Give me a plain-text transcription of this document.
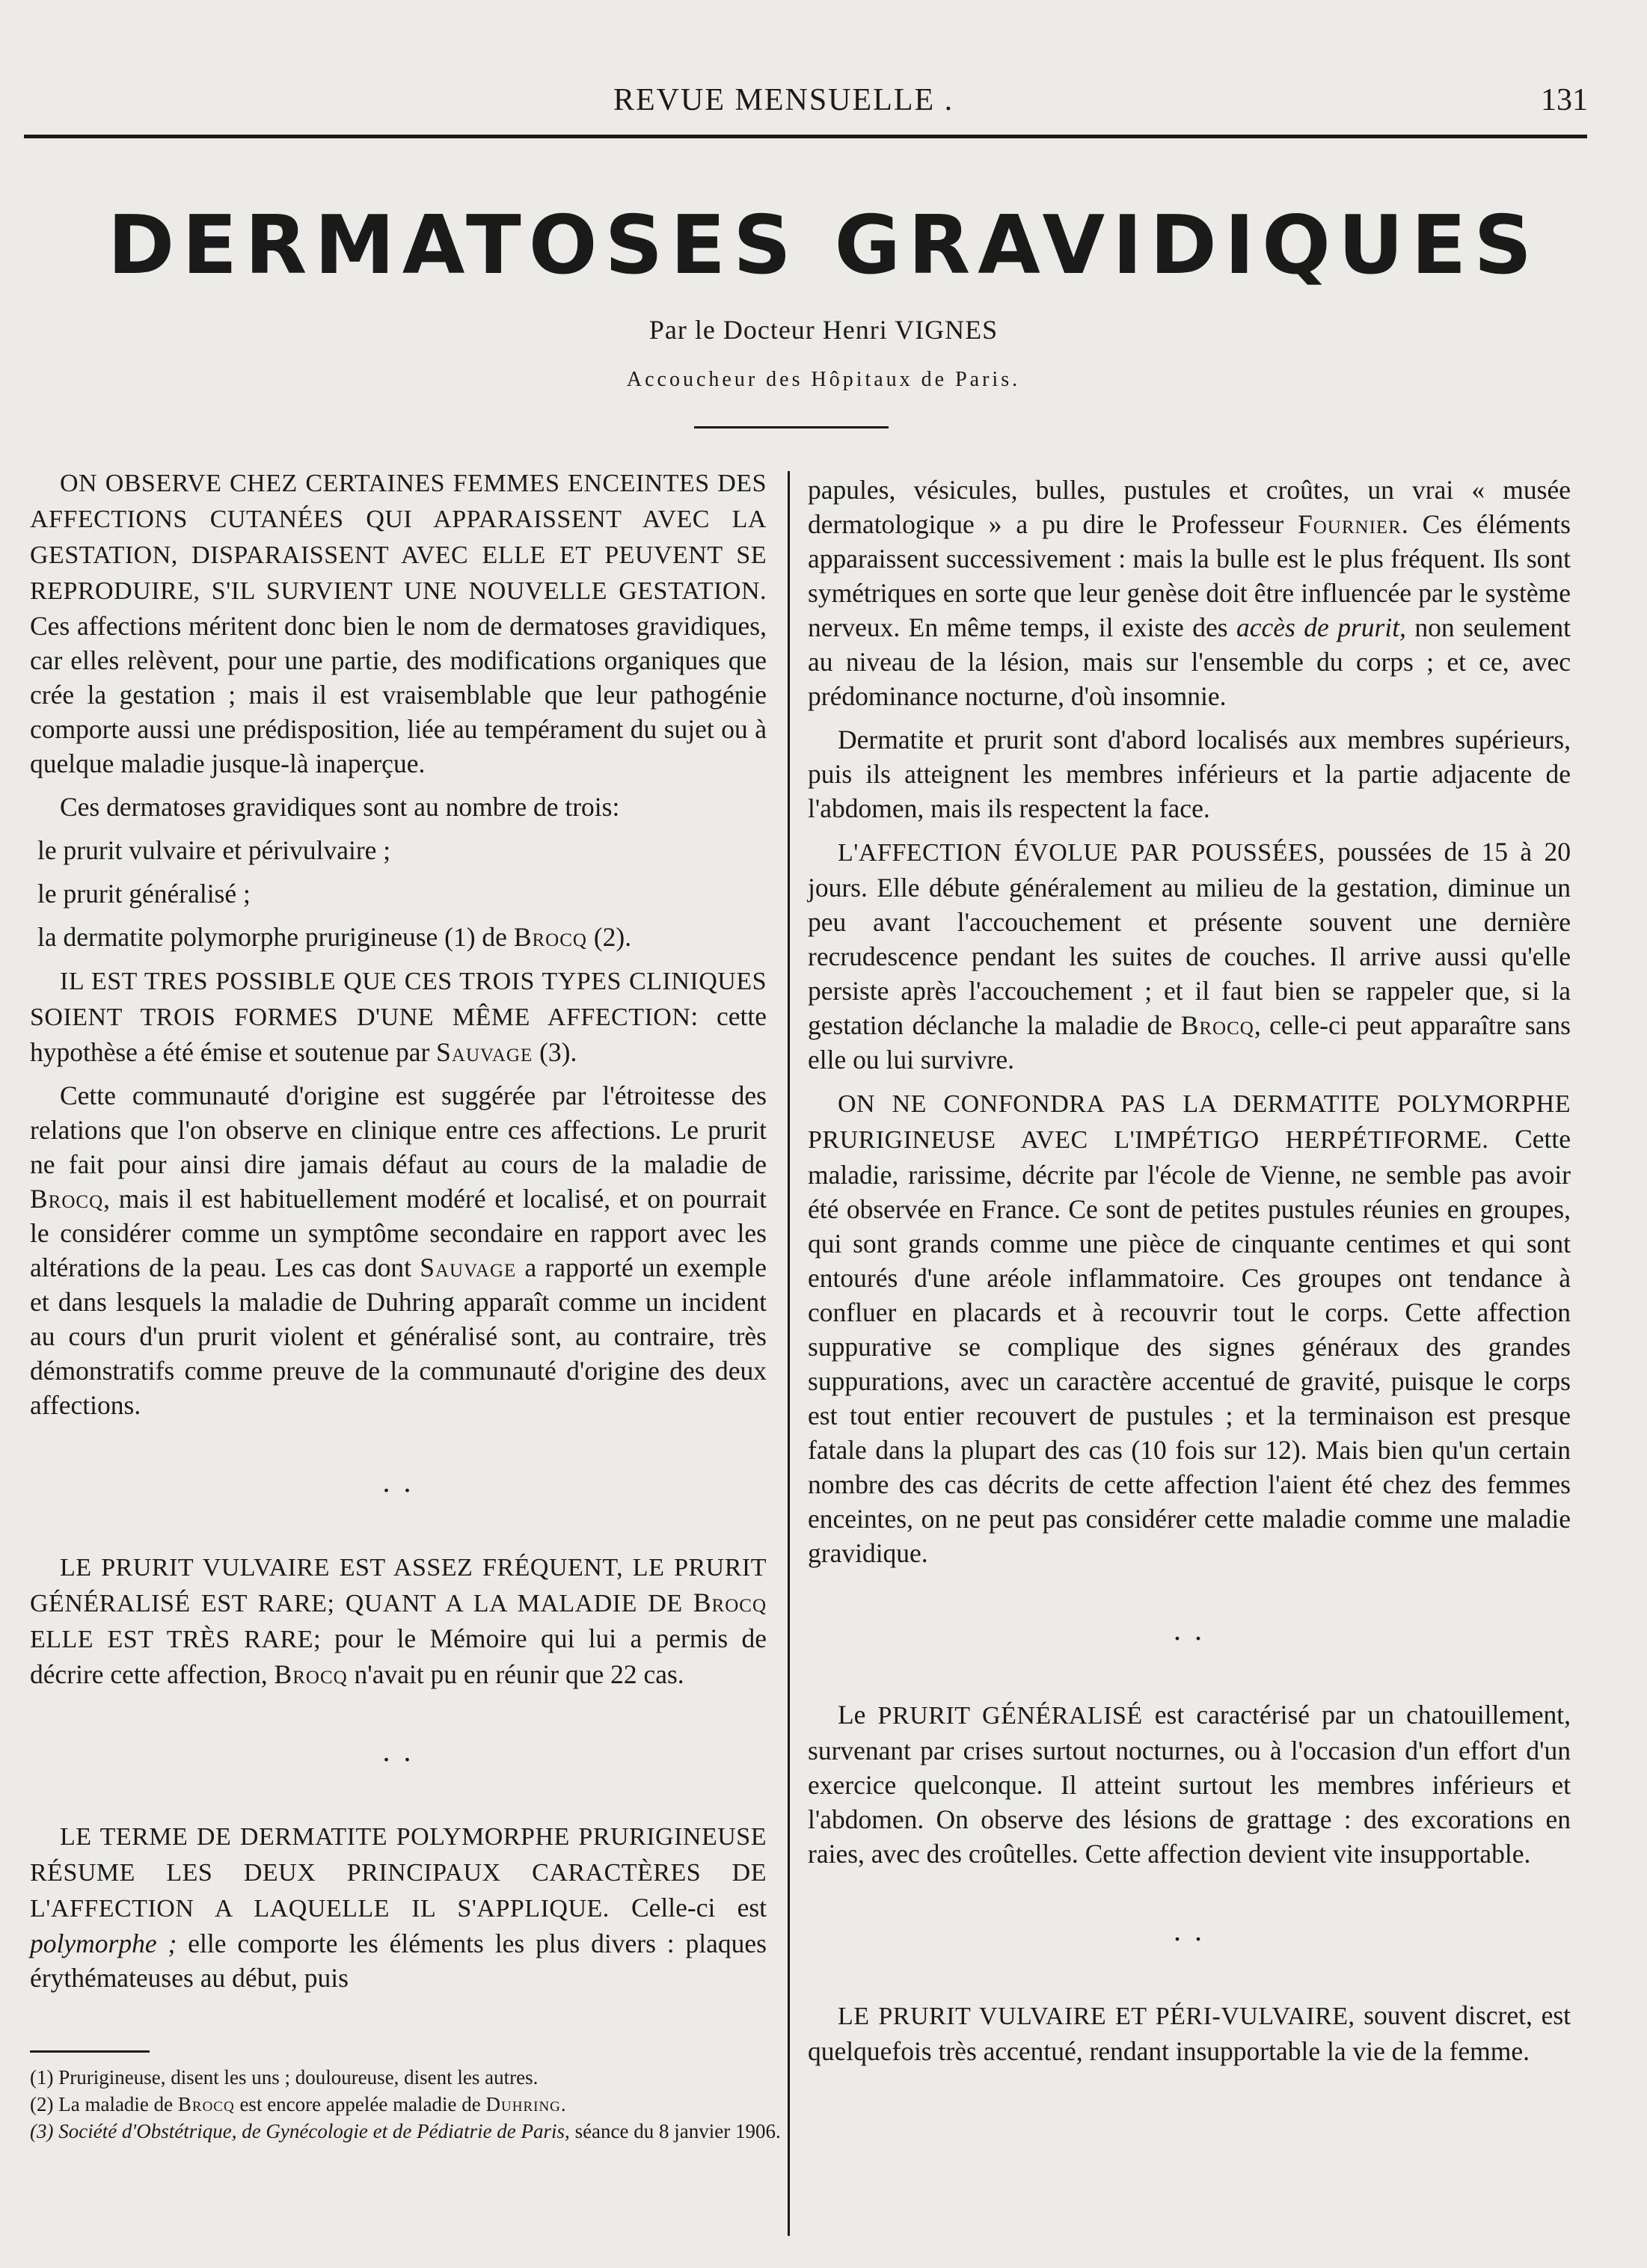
REVUE MENSUELLE .	131
DERMATOSES GRAVIDIQUES
Par le Docteur Henri VIGNES
Accoucheur des Hôpitaux de Paris.

ON OBSERVE CHEZ CERTAINES FEMMES ENCEINTES DES AFFECTIONS CUTANÉES QUI APPARAISSENT AVEC LA GESTATION, DISPARAISSENT AVEC ELLE ET PEUVENT SE REPRODUIRE, S'IL SURVIENT UNE NOUVELLE GESTATION. Ces affections méritent donc bien le nom de dermatoses gravidiques, car elles relèvent, pour une partie, des modifications organiques que crée la gestation ; mais il est vraisemblable que leur pathogénie comporte aussi une prédisposition, liée au tempérament du sujet ou à quelque maladie jusque-là inaperçue.

Ces dermatoses gravidiques sont au nombre de trois:

le prurit vulvaire et périvulvaire ;

le prurit généralisé ;

la dermatite polymorphe prurigineuse (1) de Brocq (2).

IL EST TRES POSSIBLE QUE CES TROIS TYPES CLINIQUES SOIENT TROIS FORMES D'UNE MÊME AFFECTION: cette hypothèse a été émise et soutenue par Sauvage (3).

Cette communauté d'origine est suggérée par l'étroitesse des relations que l'on observe en clinique entre ces affections. Le prurit ne fait pour ainsi dire jamais défaut au cours de la maladie de Brocq, mais il est habituellement modéré et localisé, et on pourrait le considérer comme un symptôme secondaire en rapport avec les altérations de la peau. Les cas dont Sauvage a rapporté un exemple et dans lesquels la maladie de Duhring apparaît comme un incident au cours d'un prurit violent et généralisé sont, au contraire, très démonstratifs comme preuve de la communauté d'origine des deux affections.

. .

LE PRURIT VULVAIRE EST ASSEZ FRÉQUENT, LE PRURIT GÉNÉRALISÉ EST RARE; QUANT A LA MALADIE DE Brocq ELLE EST TRÈS RARE; pour le Mémoire qui lui a permis de décrire cette affection, Brocq n'avait pu en réunir que 22 cas.

. .

LE TERME DE DERMATITE POLYMORPHE PRURIGINEUSE RÉSUME LES DEUX PRINCIPAUX CARACTÈRES DE L'AFFECTION A LAQUELLE IL S'APPLIQUE. Celle-ci est polymorphe ; elle comporte les éléments les plus divers : plaques érythémateuses au début, puis

(1) Prurigineuse, disent les uns ; douloureuse, disent les autres.
(2) La maladie de Brocq est encore appelée maladie de Duhring.
(3) Société d'Obstétrique, de Gynécologie et de Pédiatrie de Paris, séance du 8 janvier 1906.

papules, vésicules, bulles, pustules et croûtes, un vrai « musée dermatologique » a pu dire le Professeur Fournier. Ces éléments apparaissent successivement : mais la bulle est le plus fréquent. Ils sont symétriques en sorte que leur genèse doit être influencée par le système nerveux. En même temps, il existe des accès de prurit, non seulement au niveau de la lésion, mais sur l'ensemble du corps ; et ce, avec prédominance nocturne, d'où insomnie.

Dermatite et prurit sont d'abord localisés aux membres supérieurs, puis ils atteignent les membres inférieurs et la partie adjacente de l'abdomen, mais ils respectent la face.

L'AFFECTION ÉVOLUE PAR POUSSÉES, poussées de 15 à 20 jours. Elle débute généralement au milieu de la gestation, diminue un peu avant l'accouchement et présente souvent une dernière recrudescence pendant les suites de couches. Il arrive aussi qu'elle persiste après l'accouchement ; et il faut bien se rappeler que, si la gestation déclanche la maladie de Brocq, celle-ci peut apparaître sans elle ou lui survivre.

ON NE CONFONDRA PAS LA DERMATITE POLYMORPHE PRURIGINEUSE AVEC L'IMPÉTIGO HERPÉTIFORME. Cette maladie, rarissime, décrite par l'école de Vienne, ne semble pas avoir été observée en France. Ce sont de petites pustules réunies en groupes, qui sont grands comme une pièce de cinquante centimes et qui sont entourés d'une aréole inflammatoire. Ces groupes ont tendance à confluer en placards et à recouvrir tout le corps. Cette affection suppurative se complique des signes généraux des grandes suppurations, avec un caractère accentué de gravité, puisque le corps est tout entier recouvert de pustules ; et la terminaison est presque fatale dans la plupart des cas (10 fois sur 12). Mais bien qu'un certain nombre des cas décrits de cette affection l'aient été chez des femmes enceintes, on ne peut pas considérer cette maladie comme une maladie gravidique.

. .

Le PRURIT GÉNÉRALISÉ est caractérisé par un chatouillement, survenant par crises surtout nocturnes, ou à l'occasion d'un effort d'un exercice quelconque. Il atteint surtout les membres inférieurs et l'abdomen. On observe des lésions de grattage : des excorations en raies, avec des croûtelles. Cette affection devient vite insupportable.

. .

LE PRURIT VULVAIRE ET PÉRI-VULVAIRE, souvent discret, est quelquefois très accentué, rendant insupportable la vie de la femme.
